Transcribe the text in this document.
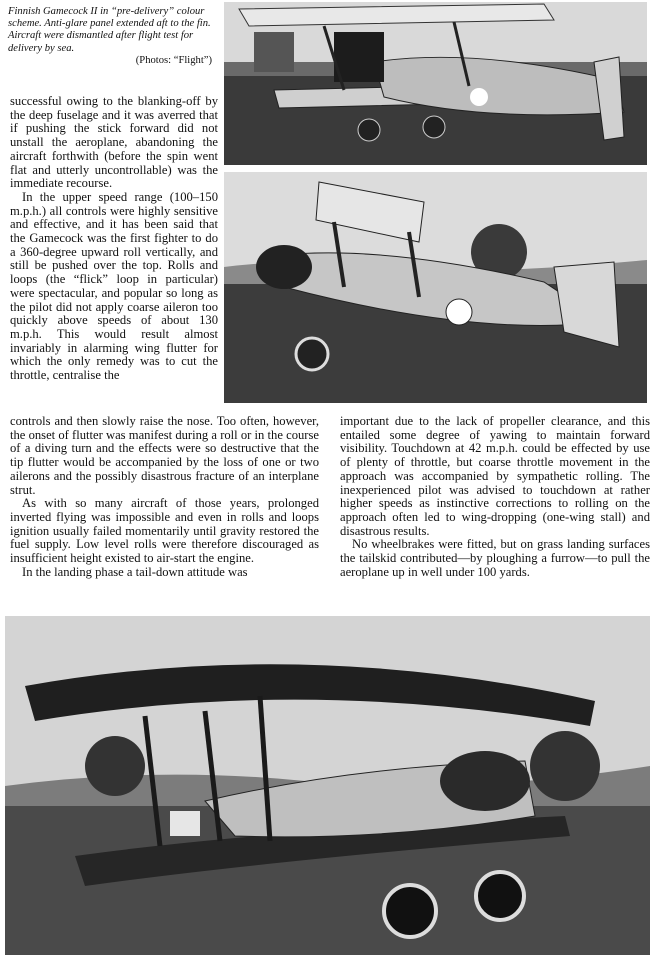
Finnish Gamecock II in “pre-delivery” colour scheme. Anti-glare panel extended aft to the fin. Aircraft were dismantled after flight test for delivery by sea.
(Photos: “Flight”)

successful owing to the blanking-off by the deep fuselage and it was averred that if pushing the stick forward did not unstall the aeroplane, abandoning the aircraft forthwith (before the spin went flat and utterly uncontrollable) was the immediate recourse.

In the upper speed range (100–150 m.p.h.) all controls were highly sensitive and effective, and it has been said that the Gamecock was the first fighter to do a 360-degree upward roll vertically, and still be pushed over the top. Rolls and loops (the “flick” loop in particular) were spectacular, and popular so long as the pilot did not apply coarse aileron too quickly above speeds of about 130 m.p.h. This would result almost invariably in alarming wing flutter for which the only remedy was to cut the throttle, centralise the

controls and then slowly raise the nose. Too often, however, the onset of flutter was manifest during a roll or in the course of a diving turn and the effects were so destructive that the tip flutter would be accompanied by the loss of one or two ailerons and the possibly disastrous fracture of an interplane strut.

As with so many aircraft of those years, prolonged inverted flying was impossible and even in rolls and loops ignition usually failed momentarily until gravity restored the fuel supply. Low level rolls were therefore discouraged as insufficient height existed to air-start the engine.

In the landing phase a tail-down attitude was

important due to the lack of propeller clearance, and this entailed some degree of yawing to maintain forward visibility. Touchdown at 42 m.p.h. could be effected by use of plenty of throttle, but coarse throttle movement in the approach was accompanied by sympathetic rolling. The inexperienced pilot was advised to touchdown at rather higher speeds as instinctive corrections to rolling on the approach often led to wing-dropping (one-wing stall) and disastrous results.

No wheelbrakes were fitted, but on grass landing surfaces the tailskid contributed—by ploughing a furrow—to pull the aeroplane up in well under 100 yards.
